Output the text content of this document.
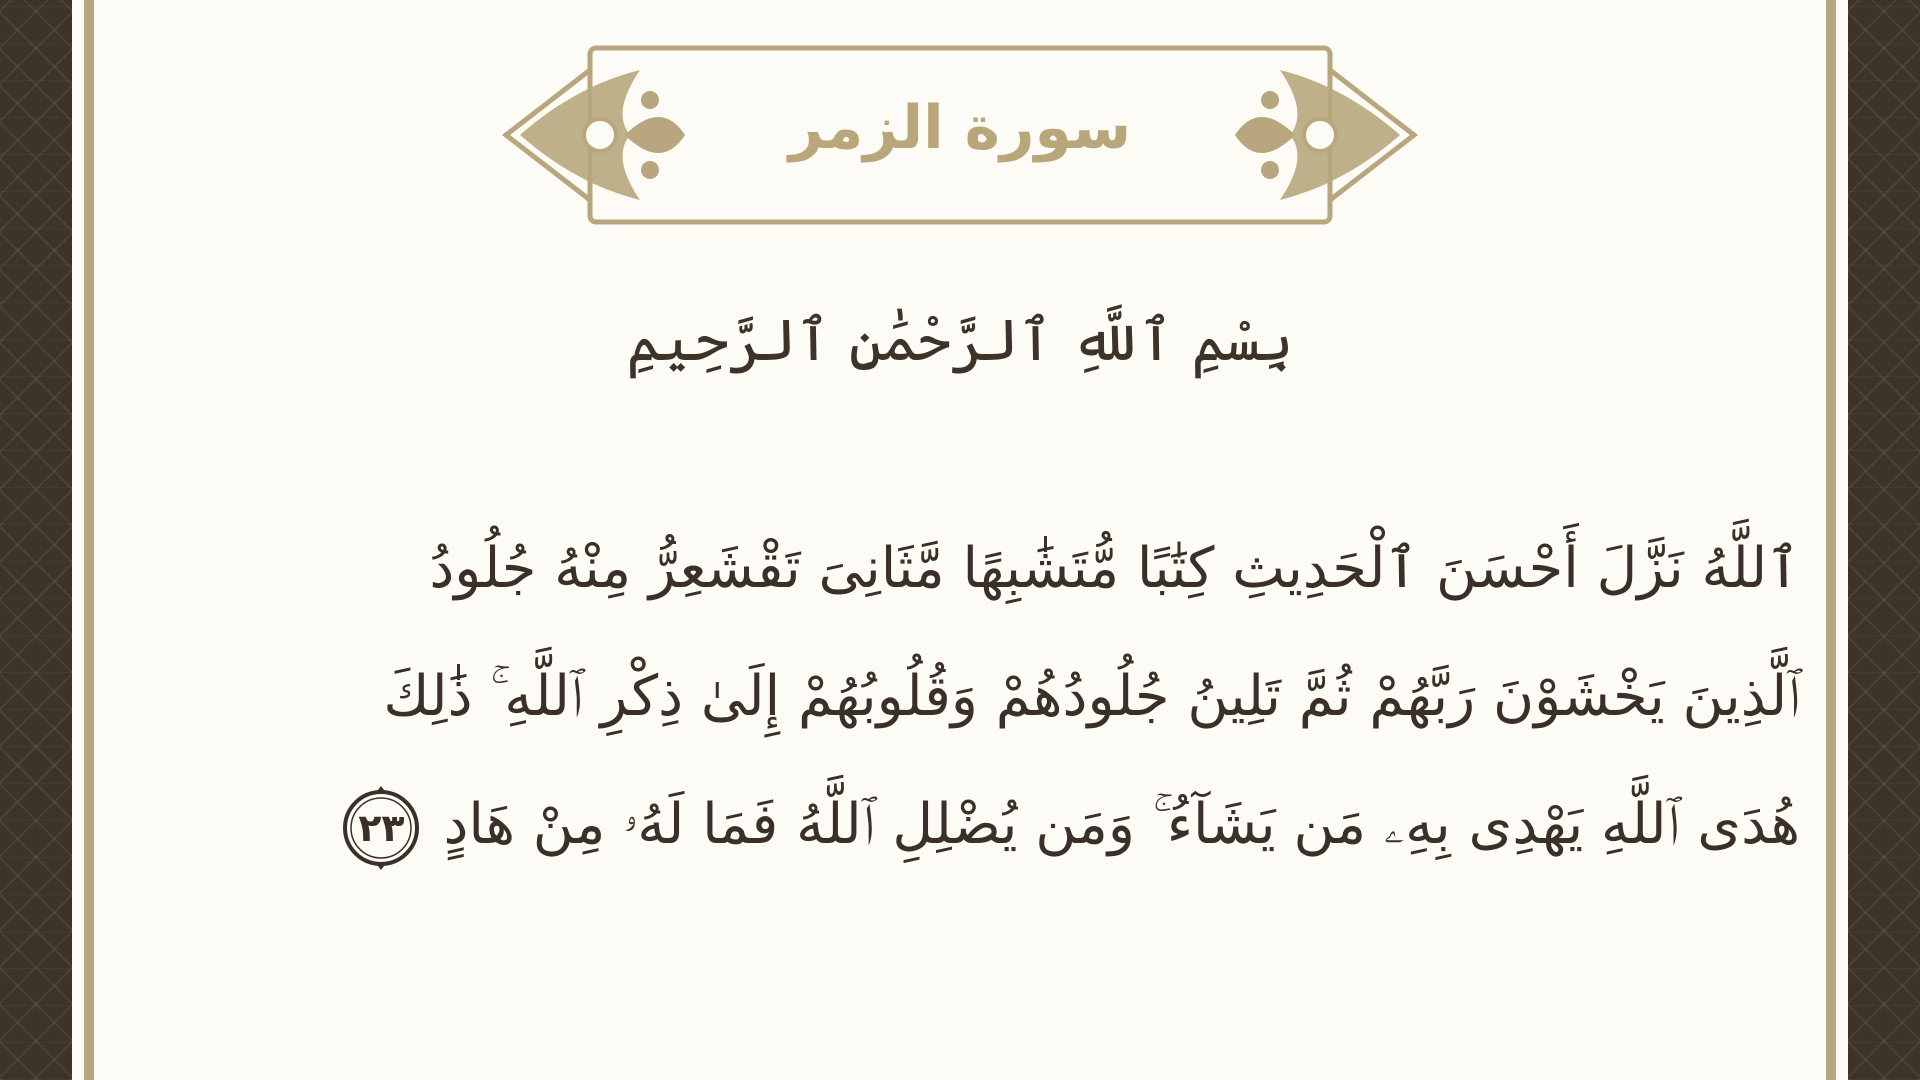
سورة الزمر
بِسْمِ ٱللَّهِ ٱلرَّحْمَٰنِ ٱلرَّحِيمِ
ٱللَّهُ نَزَّلَ أَحْسَنَ ٱلْحَدِيثِ كِتَٰبًا مُّتَشَٰبِهًا مَّثَانِىَ تَقْشَعِرُّ مِنْهُ جُلُودُ
ٱلَّذِينَ يَخْشَوْنَ رَبَّهُمْ ثُمَّ تَلِينُ جُلُودُهُمْ وَقُلُوبُهُمْ إِلَىٰ ذِكْرِ ٱللَّهِ ۚ ذَٰلِكَ
هُدَى ٱللَّهِ يَهْدِى بِهِۦ مَن يَشَآءُ ۚ وَمَن يُضْلِلِ ٱللَّهُ فَمَا لَهُۥ مِنْ هَادٍ
٢٣
